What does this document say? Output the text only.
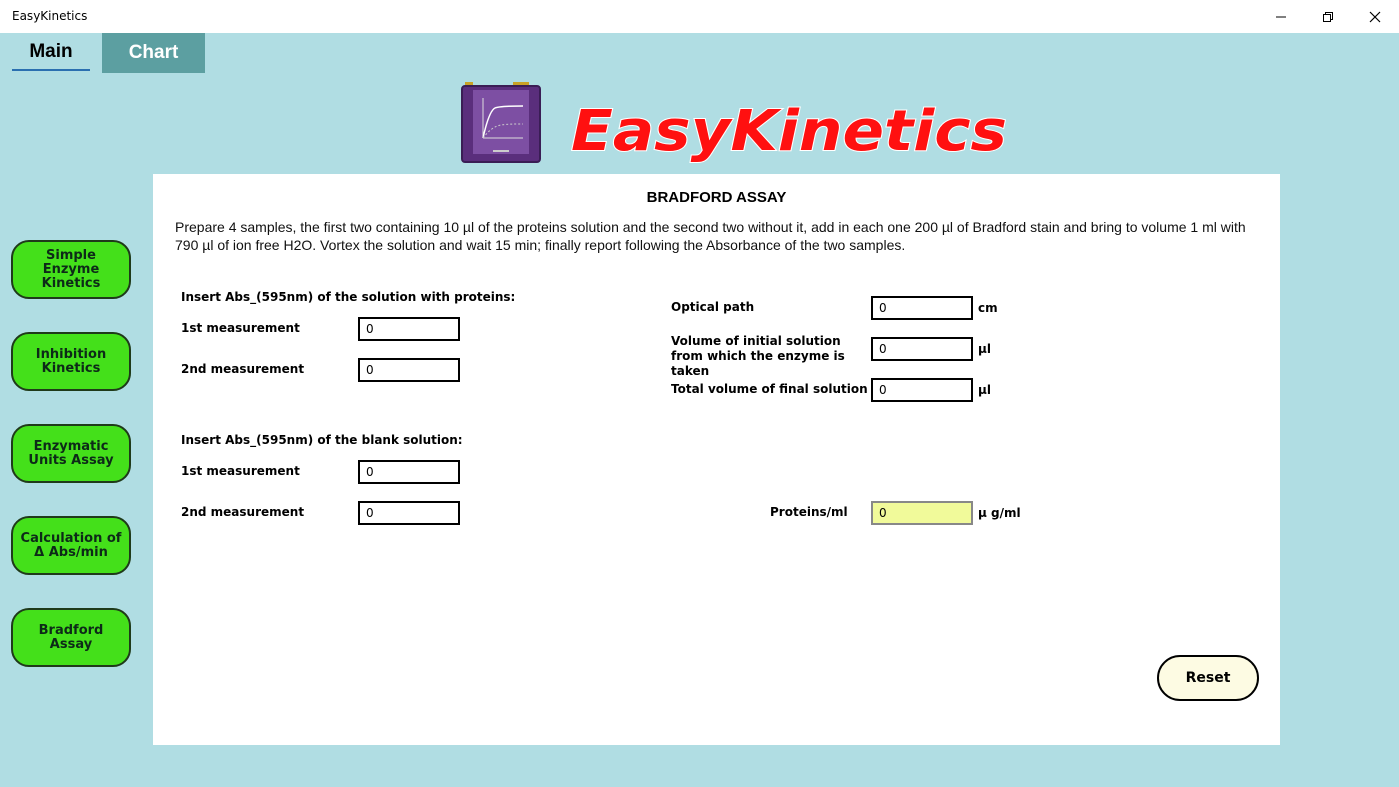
EasyKinetics
Main	Chart
EasyKinetics
Simple Enzyme Kinetics
Inhibition Kinetics
Enzymatic Units Assay
Calculation of Δ Abs/min
Bradford Assay
BRADFORD ASSAY
Prepare 4 samples, the first two containing 10 µl of the proteins solution and the second two without it, add in each one 200 µl of Bradford stain and bring to volume 1 ml with 790 µl of ion free H2O. Vortex the solution and wait 15 min; finally report following the Absorbance of the two samples.
Insert Abs_(595nm) of the solution with proteins:
1st measurement
0
2nd measurement
0
Insert Abs_(595nm) of the blank solution:
1st measurement
0
2nd measurement
0
Optical path
0	cm
Volume of initial solution from which the enzyme is taken
0
µl
Total volume of final solution
0	µl
Proteins/ml
0	µ g/ml
Reset
